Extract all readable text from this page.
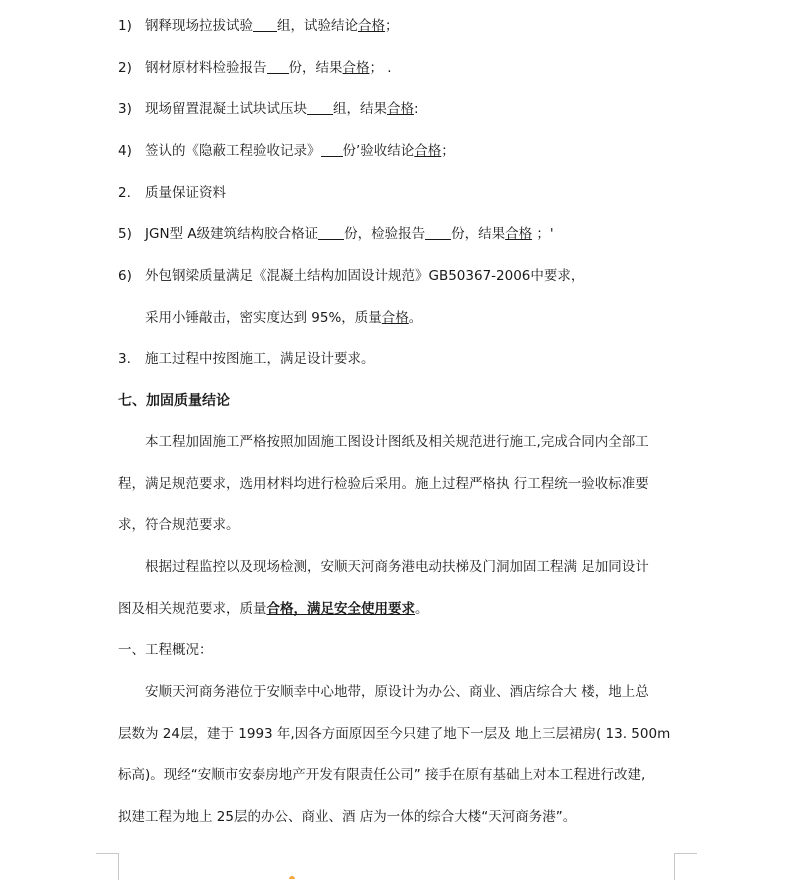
1) 钢释现场拉拔试验 组，试验结论合格；
2) 钢材原材料检验报告 份，结果合格； .
3) 现场留置混凝土试块试压块 组，结果合格:
4) 签认的《隐蔽工程验收记录》 份’验收结论合格；
2. 质量保证资料
5) JGN型 A级建筑结构胶合格证 份，检验报告 份，结果合格 ；'
6) 外包钢梁质量满足《混凝土结构加固设计规范》GB50367-2006中要求，
采用小锤敲击，密实度达到 95%，质量合格。
3. 施工过程中按图施工，满足设计要求。
七、加固质量结论
本工程加固施工严格按照加固施工图设计图纸及相关规范进行施工,完成合同内全部工
程，满足规范要求，选用材料均进行检验后采用。施上过程严格执 行工程统一验收标准要
求，符合规范要求。
根据过程监控以及现场检测，安顺天河商务港电动扶梯及门洞加固工程满 足加同设计
图及相关规范要求，质量合格，满足安全使用要求。
一、工程概况：
安顺天河商务港位于安顺幸中心地带，原设计为办公、商业、酒店综合大 楼，地上总
层数为 24层，建于 1993 年,因各方面原因至今只建了地下一层及 地上三层裙房( 13. 500m
标高)。现经“安顺市安泰房地产开发有限责任公司” 接手在原有基础上对本工程进行改建,
拟建工程为地上 25层的办公、商业、酒 店为一体的综合大楼“天河商务港”。
